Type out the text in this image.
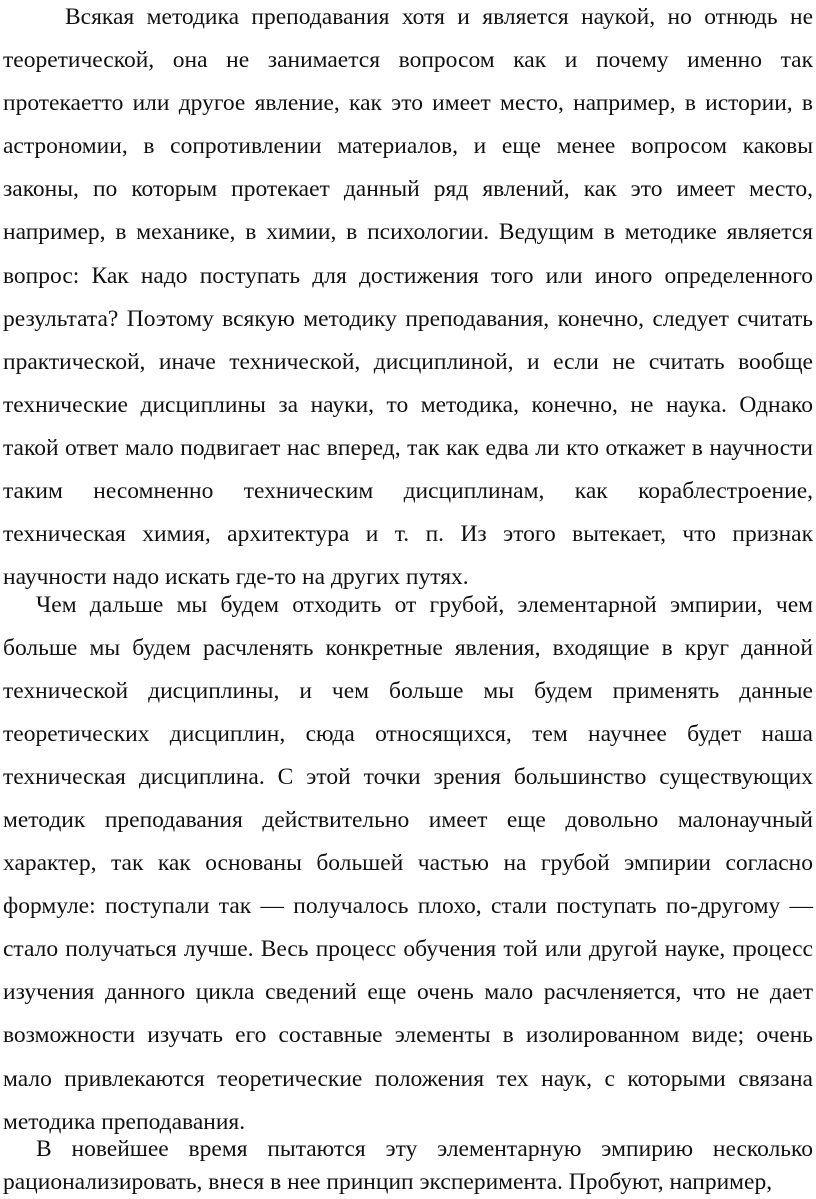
Всякая методика преподавания хотя и является наукой, но отнюдь не теоретической, она не занимается вопросом как и почему именно так протекаетто или другое явление, как это имеет место, например, в истории, в астрономии, в сопротивлении материалов, и еще менее вопросом каковы законы, по которым протекает данный ряд явлений, как это имеет место, например, в механике, в химии, в психологии. Ведущим в методике является вопрос: Как надо поступать для достижения того или иного определенного результата? Поэтому всякую методику преподавания, конечно, следует считать практической, иначе технической, дисциплиной, и если не считать вообще технические дисциплины за науки, то методика, конечно, не наука. Однако такой ответ мало подвигает нас вперед, так как едва ли кто откажет в научности таким несомненно техническим дисциплинам, как кораблестроение, техническая химия, архитектура и т. п. Из этого вытекает, что признак научности надо искать где-то на других путях.

Чем дальше мы будем отходить от грубой, элементарной эмпирии, чем больше мы будем расчленять конкретные явления, входящие в круг данной технической дисциплины, и чем больше мы будем применять данные теоретических дисциплин, сюда относящихся, тем научнее будет наша техническая дисциплина. С этой точки зрения большинство существующих методик преподавания действительно имеет еще довольно малонаучный характер, так как основаны большей частью на грубой эмпирии согласно формуле: поступали так — получалось плохо, стали поступать по-другому — стало получаться лучше. Весь процесс обучения той или другой науке, процесс изучения данного цикла сведений еще очень мало расчленяется, что не дает возможности изучать его составные элементы в изолированном виде; очень мало привлекаются теоретические положения тех наук, с которыми связана методика преподавания.

В новейшее время пытаются эту элементарную эмпирию несколько рационализировать, внеся в нее принцип эксперимента. Пробуют, например,
